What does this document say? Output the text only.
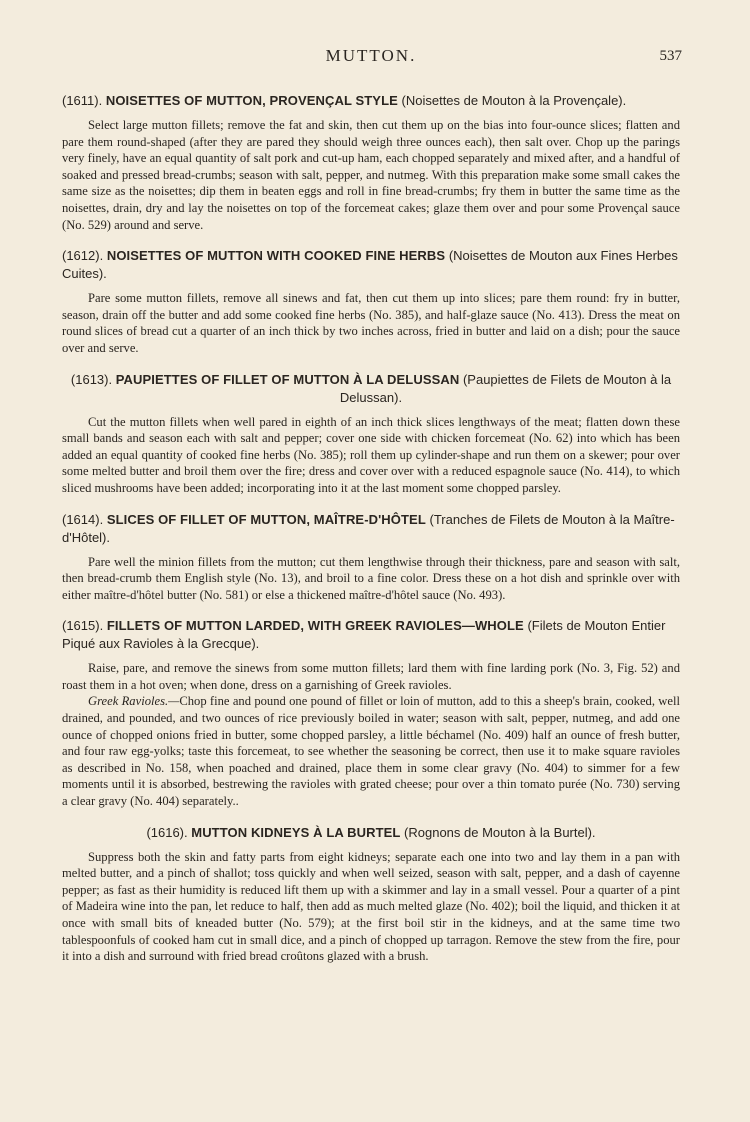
MUTTON.	537
(1611). NOISETTES OF MUTTON, PROVENÇAL STYLE (Noisettes de Mouton à la Provençale).

Select large mutton fillets; remove the fat and skin, then cut them up on the bias into four-ounce slices; flatten and pare them round-shaped (after they are pared they should weigh three ounces each), then salt over. Chop up the parings very finely, have an equal quantity of salt pork and cut-up ham, each chopped separately and mixed after, and a handful of soaked and pressed bread-crumbs; season with salt, pepper, and nutmeg. With this preparation make some small cakes the same size as the noisettes; dip them in beaten eggs and roll in fine bread-crumbs; fry them in butter the same time as the noisettes, drain, dry and lay the noisettes on top of the forcemeat cakes; glaze them over and pour some Provençal sauce (No. 529) around and serve.

(1612). NOISETTES OF MUTTON WITH COOKED FINE HERBS (Noisettes de Mouton aux Fines Herbes Cuites).

Pare some mutton fillets, remove all sinews and fat, then cut them up into slices; pare them round: fry in butter, season, drain off the butter and add some cooked fine herbs (No. 385), and half-glaze sauce (No. 413). Dress the meat on round slices of bread cut a quarter of an inch thick by two inches across, fried in butter and laid on a dish; pour the sauce over and serve.

(1613). PAUPIETTES OF FILLET OF MUTTON À LA DELUSSAN (Paupiettes de Filets de Mouton à la Delussan).

Cut the mutton fillets when well pared in eighth of an inch thick slices lengthways of the meat; flatten down these small bands and season each with salt and pepper; cover one side with chicken forcemeat (No. 62) into which has been added an equal quantity of cooked fine herbs (No. 385); roll them up cylinder-shape and run them on a skewer; pour over some melted butter and broil them over the fire; dress and cover over with a reduced espagnole sauce (No. 414), to which sliced mushrooms have been added; incorporating into it at the last moment some chopped parsley.

(1614). SLICES OF FILLET OF MUTTON, MAÎTRE-D'HÔTEL (Tranches de Filets de Mouton à la Maître-d'Hôtel).

Pare well the minion fillets from the mutton; cut them lengthwise through their thickness, pare and season with salt, then bread-crumb them English style (No. 13), and broil to a fine color. Dress these on a hot dish and sprinkle over with either maître-d'hôtel butter (No. 581) or else a thickened maître-d'hôtel sauce (No. 493).

(1615). FILLETS OF MUTTON LARDED, WITH GREEK RAVIOLES—WHOLE (Filets de Mouton Entier Piqué aux Ravioles à la Grecque).

Raise, pare, and remove the sinews from some mutton fillets; lard them with fine larding pork (No. 3, Fig. 52) and roast them in a hot oven; when done, dress on a garnishing of Greek ravioles.

Greek Ravioles.—Chop fine and pound one pound of fillet or loin of mutton, add to this a sheep's brain, cooked, well drained, and pounded, and two ounces of rice previously boiled in water; season with salt, pepper, nutmeg, and add one ounce of chopped onions fried in butter, some chopped parsley, a little béchamel (No. 409) half an ounce of fresh butter, and four raw egg-yolks; taste this forcemeat, to see whether the seasoning be correct, then use it to make square ravioles as described in No. 158, when poached and drained, place them in some clear gravy (No. 404) to simmer for a few moments until it is absorbed, bestrewing the ravioles with grated cheese; pour over a thin tomato purée (No. 730) serving a clear gravy (No. 404) separately..

(1616). MUTTON KIDNEYS À LA BURTEL (Rognons de Mouton à la Burtel).

Suppress both the skin and fatty parts from eight kidneys; separate each one into two and lay them in a pan with melted butter, and a pinch of shallot; toss quickly and when well seized, season with salt, pepper, and a dash of cayenne pepper; as fast as their humidity is reduced lift them up with a skimmer and lay in a small vessel. Pour a quarter of a pint of Madeira wine into the pan, let reduce to half, then add as much melted glaze (No. 402); boil the liquid, and thicken it at once with small bits of kneaded butter (No. 579); at the first boil stir in the kidneys, and at the same time two tablespoonfuls of cooked ham cut in small dice, and a pinch of chopped up tarragon. Remove the stew from the fire, pour it into a dish and surround with fried bread croûtons glazed with a brush.
